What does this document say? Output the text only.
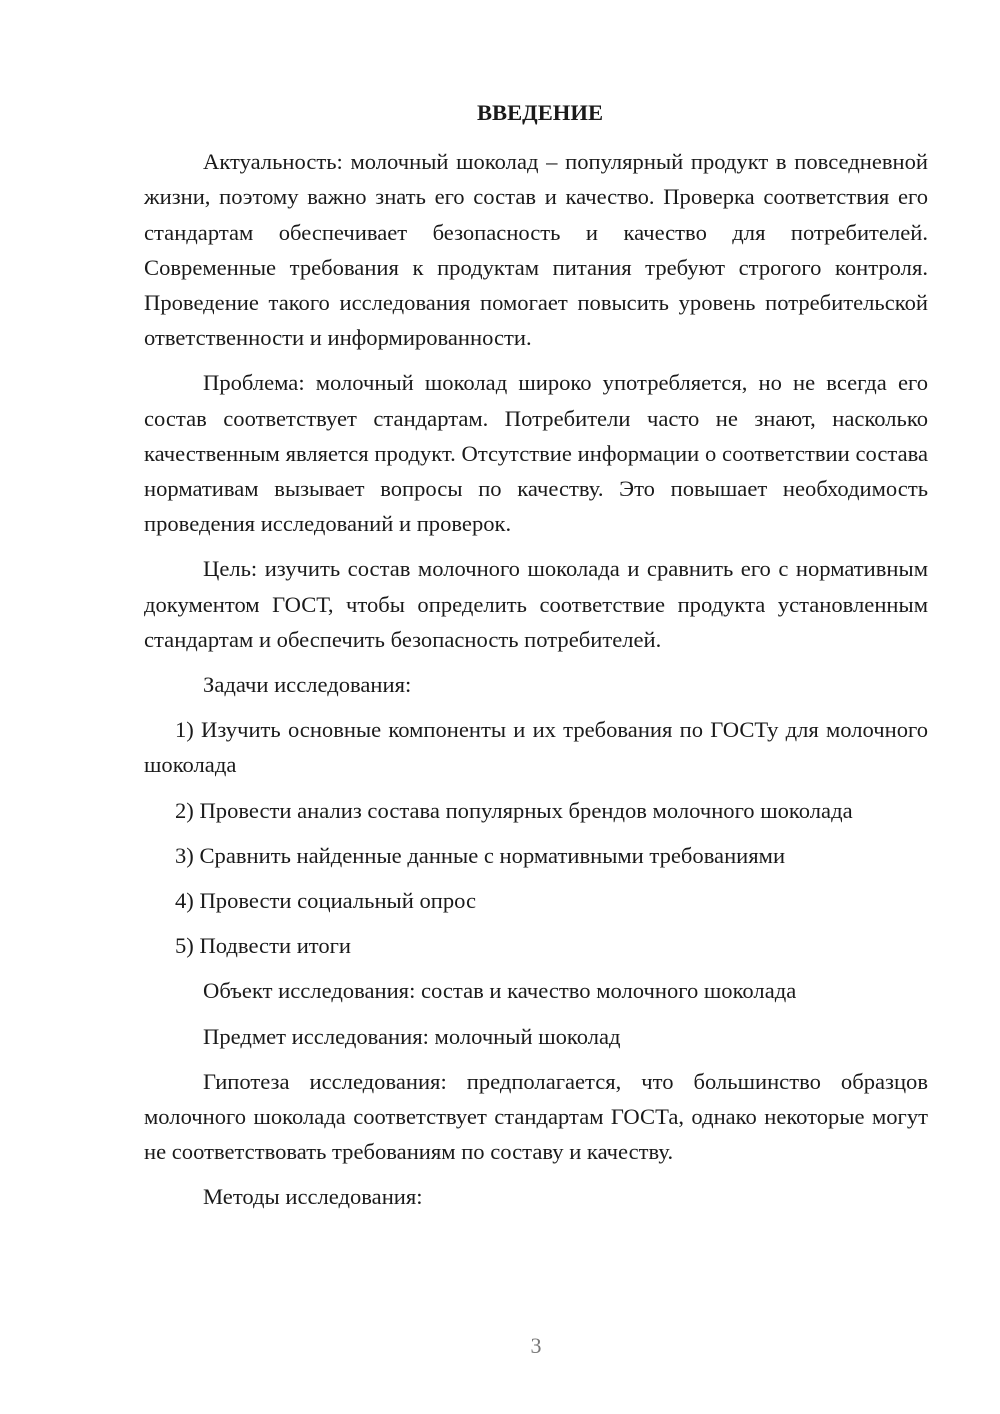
ВВЕДЕНИЕ

Актуальность: молочный шоколад – популярный продукт в повседневной жизни, поэтому важно знать его состав и качество. Проверка соответствия его стандартам обеспечивает безопасность и качество для потребителей. Современные требования к продуктам питания требуют строгого контроля. Проведение такого исследования помогает повысить уровень потребительской ответственности и информированности.

Проблема: молочный шоколад широко употребляется, но не всегда его состав соответствует стандартам. Потребители часто не знают, насколько качественным является продукт. Отсутствие информации о соответствии состава нормативам вызывает вопросы по качеству. Это повышает необходимость проведения исследований и проверок.

Цель: изучить состав молочного шоколада и сравнить его с нормативным документом ГОСТ, чтобы определить соответствие продукта установленным стандартам и обеспечить безопасность потребителей.

Задачи исследования:

1) Изучить основные компоненты и их требования по ГОСТу для молочного шоколада

2) Провести анализ состава популярных брендов молочного шоколада

3) Сравнить найденные данные с нормативными требованиями

4) Провести социальный опрос

5) Подвести итоги

Объект исследования: состав и качество молочного шоколада

Предмет исследования: молочный шоколад

Гипотеза исследования: предполагается, что большинство образцов молочного шоколада соответствует стандартам ГОСТа, однако некоторые могут не соответствовать требованиям по составу и качеству.

Методы исследования:

3
